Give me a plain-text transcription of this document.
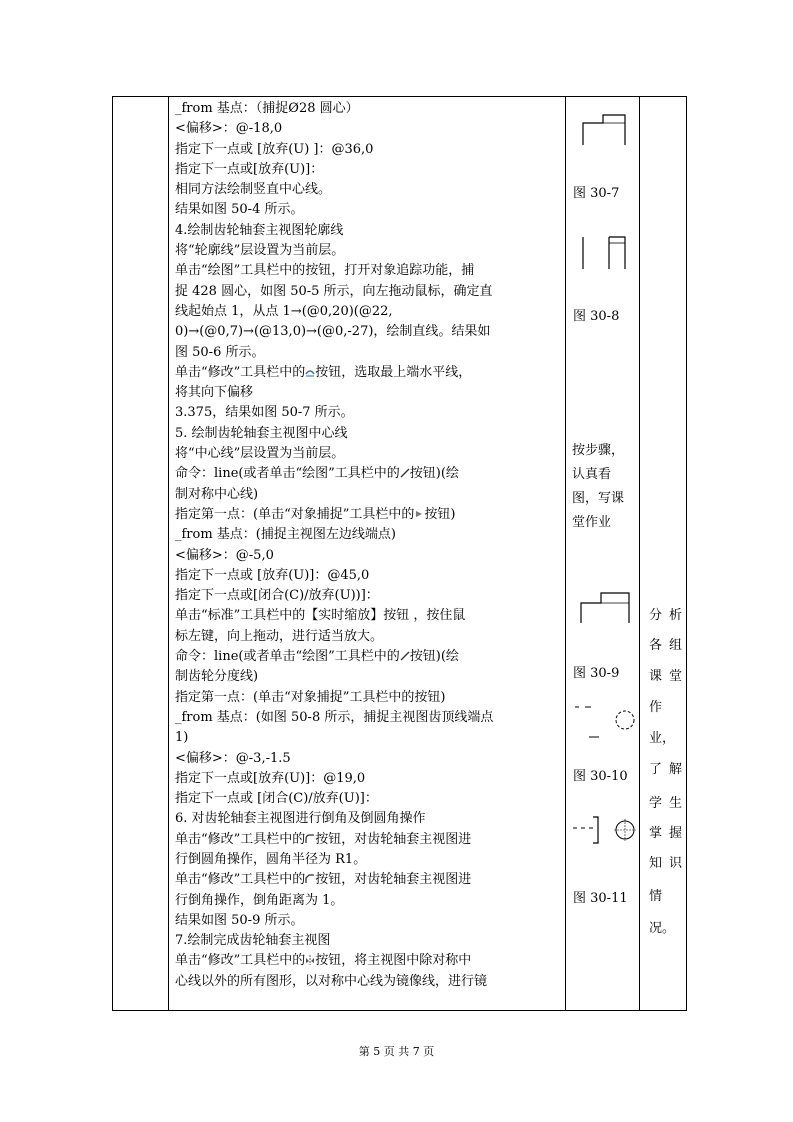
_from 基点：（捕捉Ø28 圆心）
<偏移>：@-18,0
指定下一点或 [放弃(U) ]：@36,0
指定下一点或[放弃(U)]：
相同方法绘制竖直中心线。
结果如图 50-4 所示。
4.绘制齿轮轴套主视图轮廓线
将“轮廓线”层设置为当前层。
单击“绘图”工具栏中的按钮，打开对象追踪功能，捕
捉 428 圆心，如图 50-5 所示，向左拖动鼠标，确定直
线起始点 1，从点 1→(@0,20)(@22,
0)→(@0,7)→(@13,0)→(@0,-27)，绘制直线。结果如
图 50-6 所示。
单击“修改”工具栏中的 按钮，选取最上端水平线，
将其向下偏移
3.375，结果如图 50-7 所示。
5. 绘制齿轮轴套主视图中心线
将“中心线”层设置为当前层。
命令：line(或者单击“绘图”工具栏中的 按钮)(绘
制对称中心线)
指定第一点：(单击“对象捕捉”工具栏中的 按钮)
_from 基点：(捕捉主视图左边线端点)
<偏移>：@-5,0
指定下一点或 [放弃(U)]：@45,0
指定下一点或[闭合(C)/放弃(U))]：
单击“标准”工具栏中的【实时缩放】按钮 ，按住鼠
标左键，向上拖动，进行适当放大。
命令：line(或者单击“绘图”工具栏中的 按钮)(绘
制齿轮分度线)
指定第一点：(单击“对象捕捉”工具栏中的按钮)
_from 基点：(如图 50-8 所示，捕捉主视图齿顶线端点
1)
<偏移>：@-3,-1.5
指定下一点或[放弃(U)]：@19,0
指定下一点或 [闭合(C)/放弃(U)]：
6. 对齿轮轴套主视图进行倒角及倒圆角操作
单击“修改”工具栏中的 按钮，对齿轮轴套主视图进
行倒圆角操作，圆角半径为 R1。
单击“修改”工具栏中的 按钮，对齿轮轴套主视图进
行倒角操作，倒角距离为 1。
结果如图 50-9 所示。
7.绘制完成齿轮轴套主视图
单击“修改”工具栏中的 按钮，将主视图中除对称中
心线以外的所有图形，以对称中心线为镜像线，进行镜
图 30-7
图 30-8
按步骤，
认真看
图，写课
堂作业
图 30-9
图 30-10
图 30-11
分 析
各 组
课 堂
作
业，
了 解
学 生
掌 握
知 识
情
况。
第 5 页 共 7 页
